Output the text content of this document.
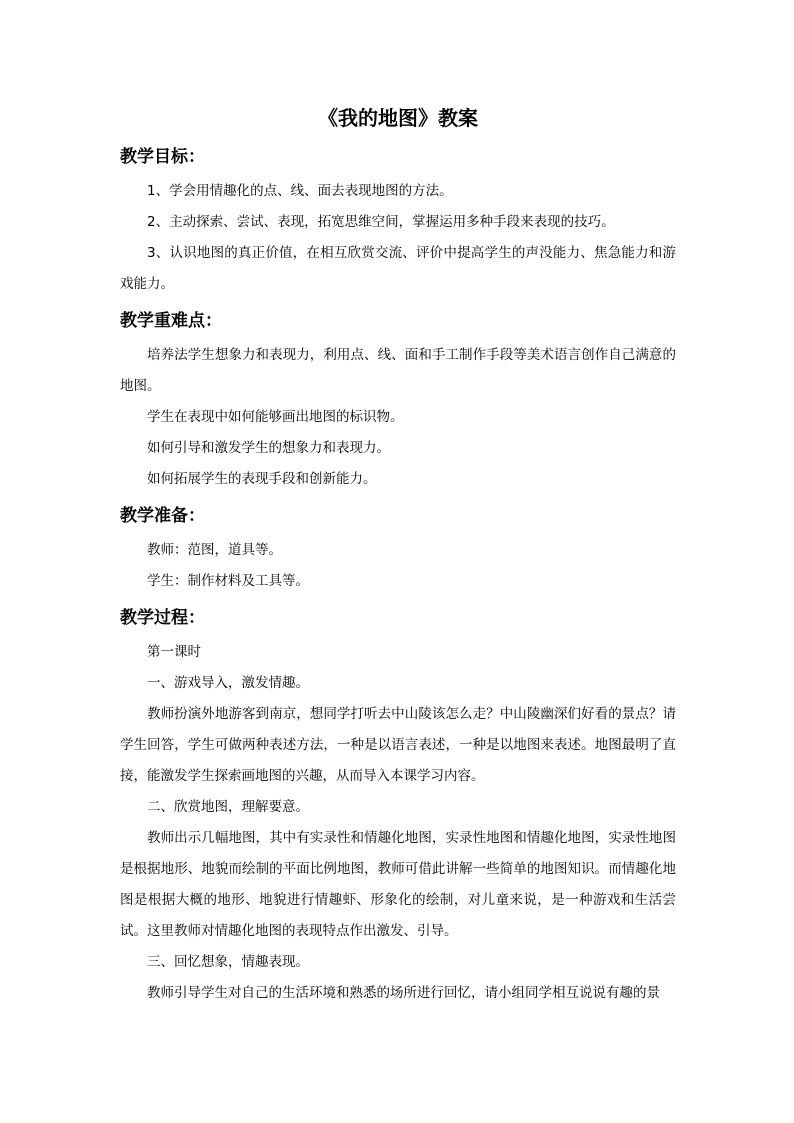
《我的地图》教案
教学目标：

1、学会用情趣化的点、线、面去表现地图的方法。

2、主动探索、尝试、表现，拓宽思维空间，掌握运用多种手段来表现的技巧。

3、认识地图的真正价值，在相互欣赏交流、评价中提高学生的声没能力、焦急能力和游戏能力。

教学重难点：

培养法学生想象力和表现力，利用点、线、面和手工制作手段等美术语言创作自己满意的地图。

学生在表现中如何能够画出地图的标识物。

如何引导和激发学生的想象力和表现力。

如何拓展学生的表现手段和创新能力。

教学准备：

教师：范图，道具等。

学生：制作材料及工具等。

教学过程：

第一课时

一、游戏导入，激发情趣。

教师扮演外地游客到南京，想同学打听去中山陵该怎么走？中山陵幽深们好看的景点？请学生回答，学生可做两种表述方法，一种是以语言表述，一种是以地图来表述。地图最明了直接，能激发学生探索画地图的兴趣，从而导入本课学习内容。

二、欣赏地图，理解要意。

教师出示几幅地图，其中有实录性和情趣化地图，实录性地图和情趣化地图，实录性地图是根据地形、地貌而绘制的平面比例地图，教师可借此讲解一些简单的地图知识。而情趣化地图是根据大概的地形、地貌进行情趣虾、形象化的绘制，对儿童来说，是一种游戏和生活尝试。这里教师对情趣化地图的表现特点作出激发、引导。

三、回忆想象，情趣表现。

教师引导学生对自己的生活环境和熟悉的场所进行回忆，请小组同学相互说说有趣的景
